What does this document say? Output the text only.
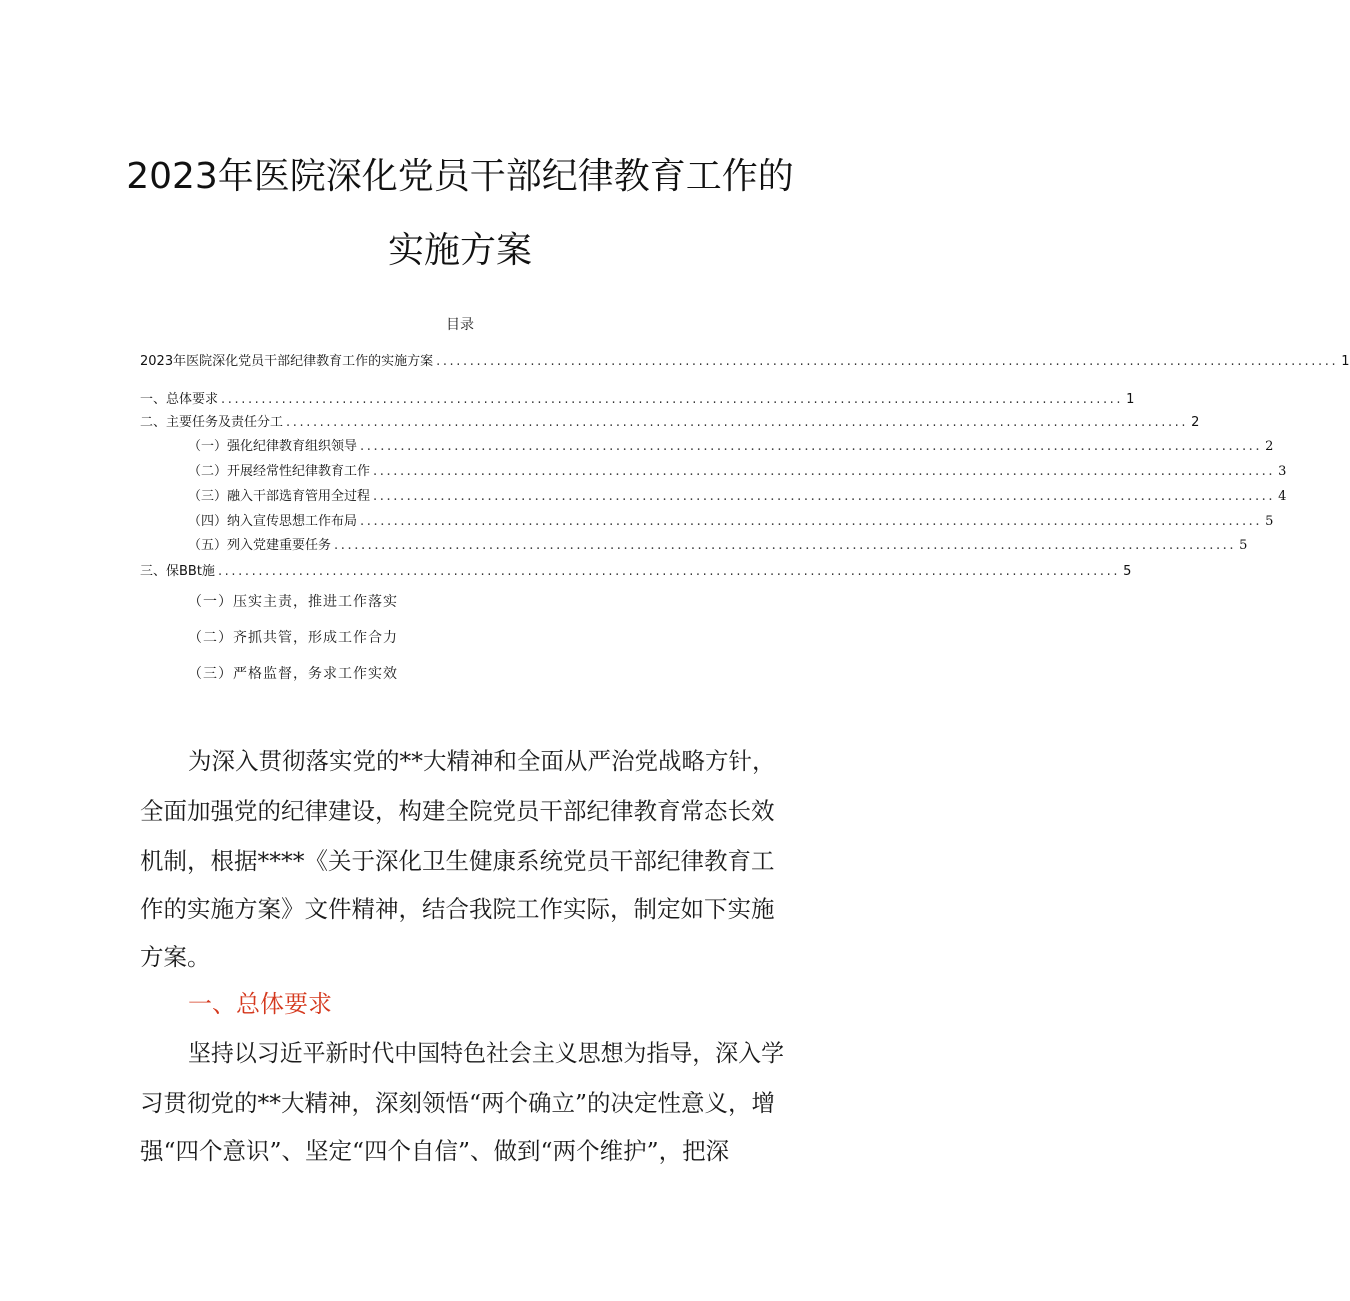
2023年医院深化党员干部纪律教育工作的
实施方案
目录
2023年医院深化党员干部纪律教育工作的实施方案 ...................................................................................................................................... 1
一、总体要求 ...................................................................................................................................... 1
二、主要任务及责任分工 ...................................................................................................................................... 2
（一）强化纪律教育组织领导 ...................................................................................................................................... 2
（二）开展经常性纪律教育工作 ...................................................................................................................................... 3
（三）融入干部选育管用全过程 ...................................................................................................................................... 4
（四）纳入宣传思想工作布局 ...................................................................................................................................... 5
（五）列入党建重要任务 ...................................................................................................................................... 5
三、保BBt施 ...................................................................................................................................... 5
（一）压实主责，推进工作落实
（二）齐抓共管，形成工作合力
（三）严格监督，务求工作实效
为深入贯彻落实党的**大精神和全面从严治党战略方针，
全面加强党的纪律建设，构建全院党员干部纪律教育常态长效
机制，根据****《关于深化卫生健康系统党员干部纪律教育工
作的实施方案》文件精神，结合我院工作实际，制定如下实施
方案。
一、总体要求
坚持以习近平新时代中国特色社会主义思想为指导，深入学
习贯彻党的**大精神，深刻领悟“两个确立”的决定性意义，增
强“四个意识”、坚定“四个自信”、做到“两个维护”，把深
